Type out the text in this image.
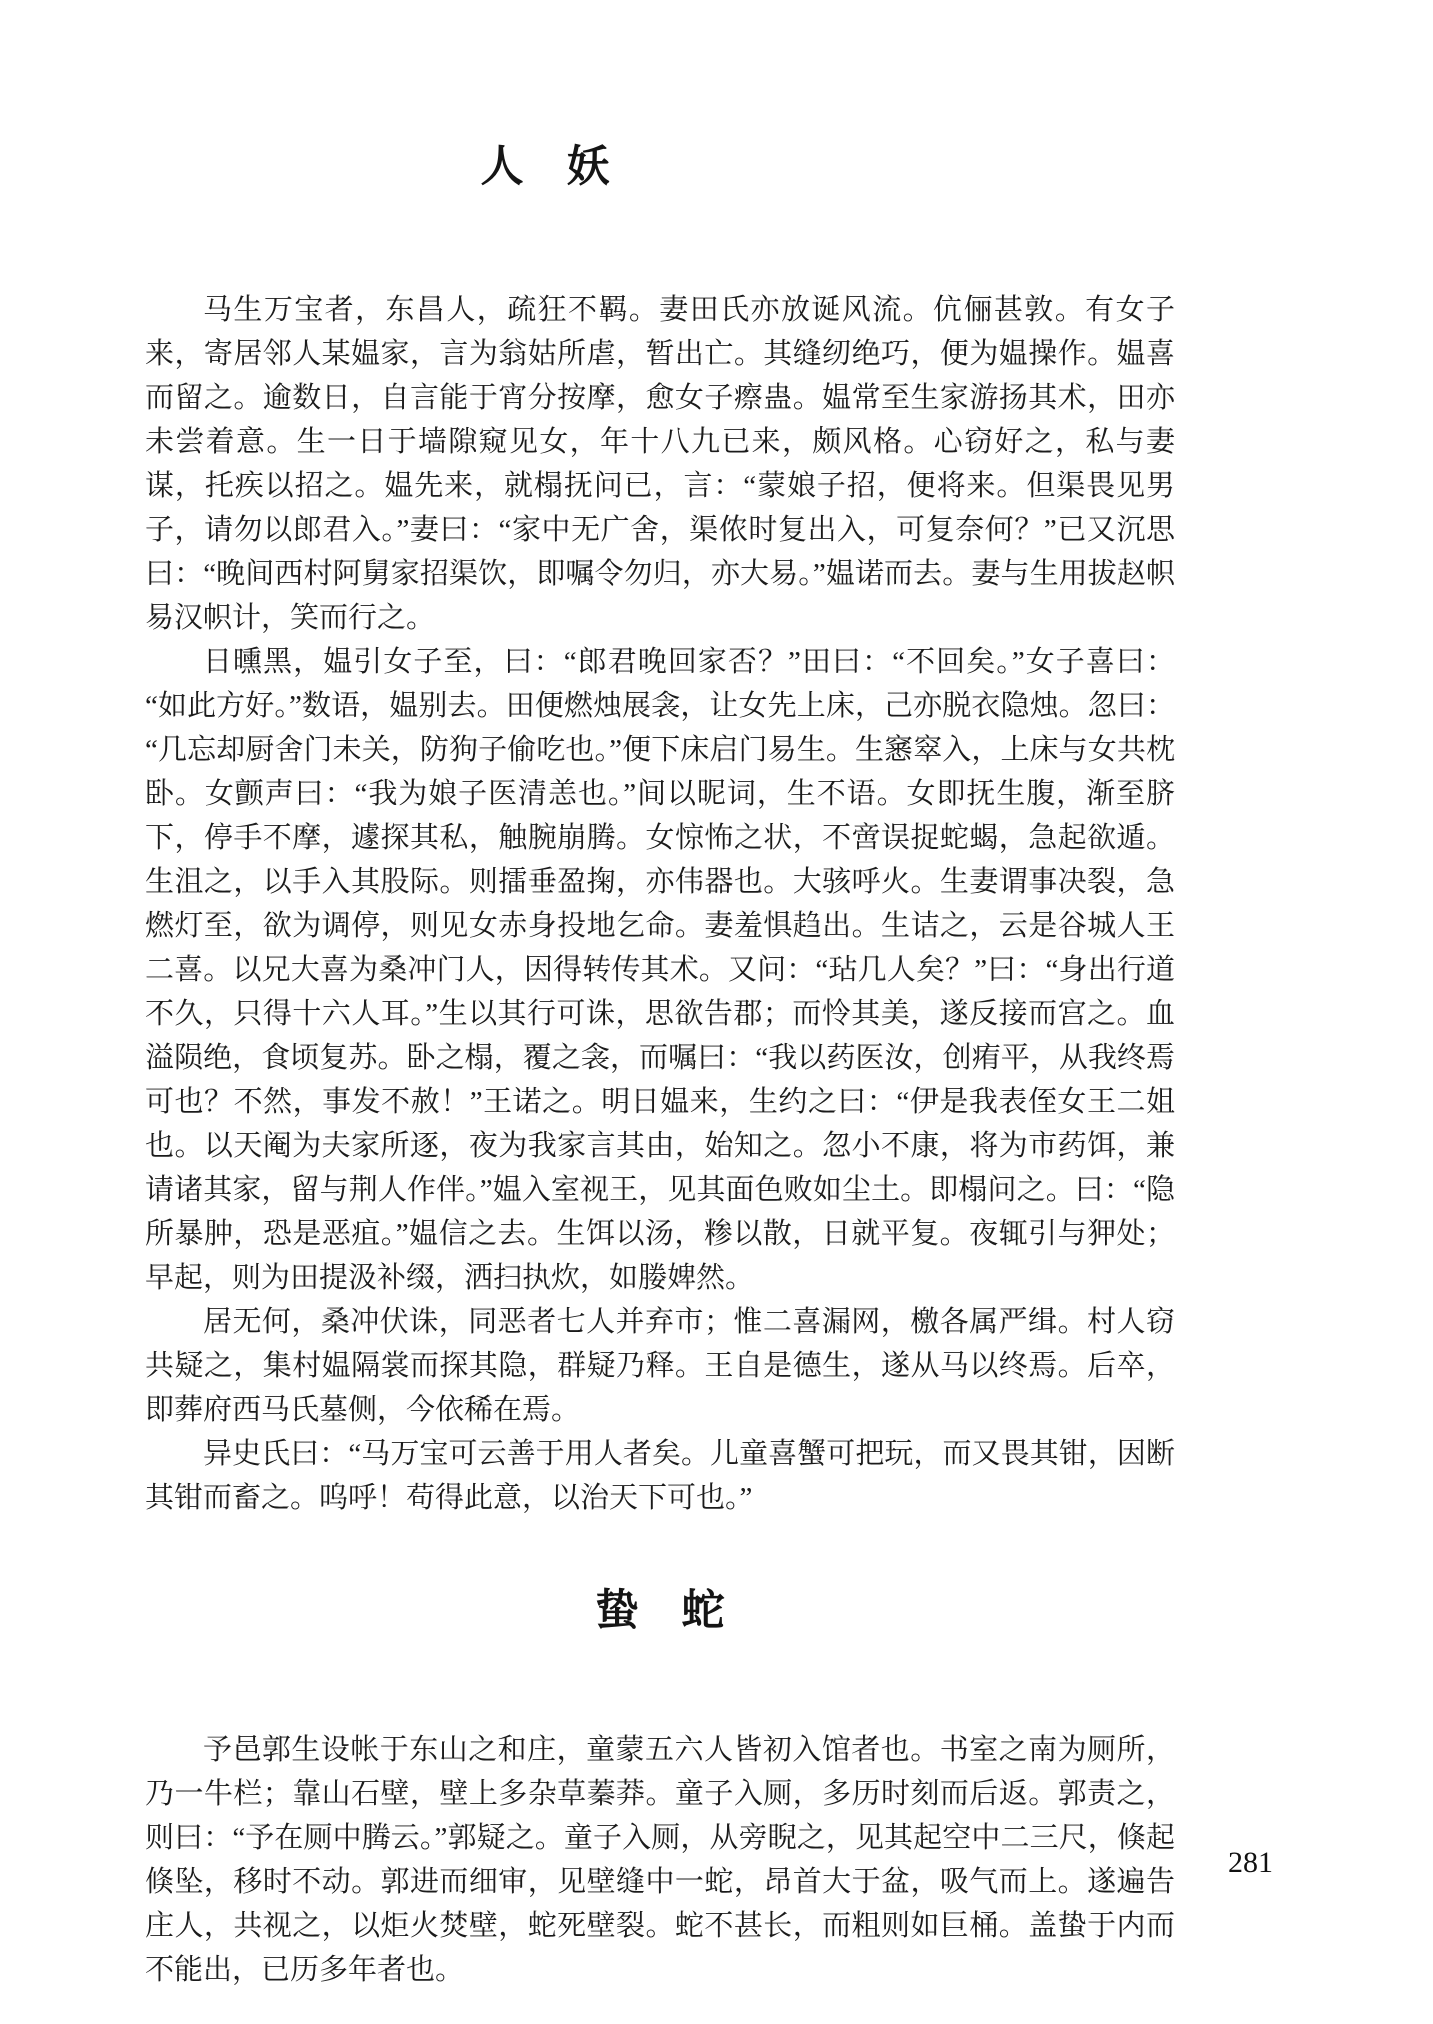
人　妖

马生万宝者，东昌人，疏狂不羁。妻田氏亦放诞风流。伉俪甚敦。有女子来，寄居邻人某媪家，言为翁姑所虐，暂出亡。其缝纫绝巧，便为媪操作。媪喜而留之。逾数日，自言能于宵分按摩，愈女子瘵蛊。媪常至生家游扬其术，田亦未尝着意。生一日于墙隙窥见女，年十八九已来，颇风格。心窃好之，私与妻谋，托疾以招之。媪先来，就榻抚问已，言：“蒙娘子招，便将来。但渠畏见男子，请勿以郎君入。”妻曰：“家中无广舍，渠侬时复出入，可复奈何？”已又沉思曰：“晚间西村阿舅家招渠饮，即嘱令勿归，亦大易。”媪诺而去。妻与生用拔赵帜易汉帜计，笑而行之。

日曛黑，媪引女子至，曰：“郎君晚回家否？”田曰：“不回矣。”女子喜曰：“如此方好。”数语，媪别去。田便燃烛展衾，让女先上床，己亦脱衣隐烛。忽曰：“几忘却厨舍门未关，防狗子偷吃也。”便下床启门易生。生窸窣入，上床与女共枕卧。女颤声曰：“我为娘子医清恙也。”间以昵词，生不语。女即抚生腹，渐至脐下，停手不摩，遽探其私，触腕崩腾。女惊怖之状，不啻误捉蛇蝎，急起欲遁。生沮之，以手入其股际。则擂垂盈掬，亦伟器也。大骇呼火。生妻谓事决裂，急燃灯至，欲为调停，则见女赤身投地乞命。妻羞惧趋出。生诘之，云是谷城人王二喜。以兄大喜为桑冲门人，因得转传其术。又问：“玷几人矣？”曰：“身出行道不久，只得十六人耳。”生以其行可诛，思欲告郡；而怜其美，遂反接而宫之。血溢陨绝，食顷复苏。卧之榻，覆之衾，而嘱曰：“我以药医汝，创痏平，从我终焉可也？不然，事发不赦！”王诺之。明日媪来，生约之曰：“伊是我表侄女王二姐也。以天阉为夫家所逐，夜为我家言其由，始知之。忽小不康，将为市药饵，兼请诸其家，留与荆人作伴。”媪入室视王，见其面色败如尘土。即榻问之。曰：“隐所暴肿，恐是恶疽。”媪信之去。生饵以汤，糁以散，日就平复。夜辄引与狎处；早起，则为田提汲补缀，洒扫执炊，如媵婢然。

居无何，桑冲伏诛，同恶者七人并弃市；惟二喜漏网，檄各属严缉。村人窃共疑之，集村媪隔裳而探其隐，群疑乃释。王自是德生，遂从马以终焉。后卒，即葬府西马氏墓侧，今依稀在焉。

异史氏曰：“马万宝可云善于用人者矣。儿童喜蟹可把玩，而又畏其钳，因断其钳而畜之。呜呼！苟得此意，以治天下可也。”

蛰　蛇

予邑郭生设帐于东山之和庄，童蒙五六人皆初入馆者也。书室之南为厕所，乃一牛栏；靠山石壁，壁上多杂草蓁莽。童子入厕，多历时刻而后返。郭责之，则曰：“予在厕中腾云。”郭疑之。童子入厕，从旁睨之，见其起空中二三尺，倏起倏坠，移时不动。郭进而细审，见壁缝中一蛇，昂首大于盆，吸气而上。遂遍告庄人，共视之，以炬火焚壁，蛇死壁裂。蛇不甚长，而粗则如巨桶。盖蛰于内而不能出，已历多年者也。

281
